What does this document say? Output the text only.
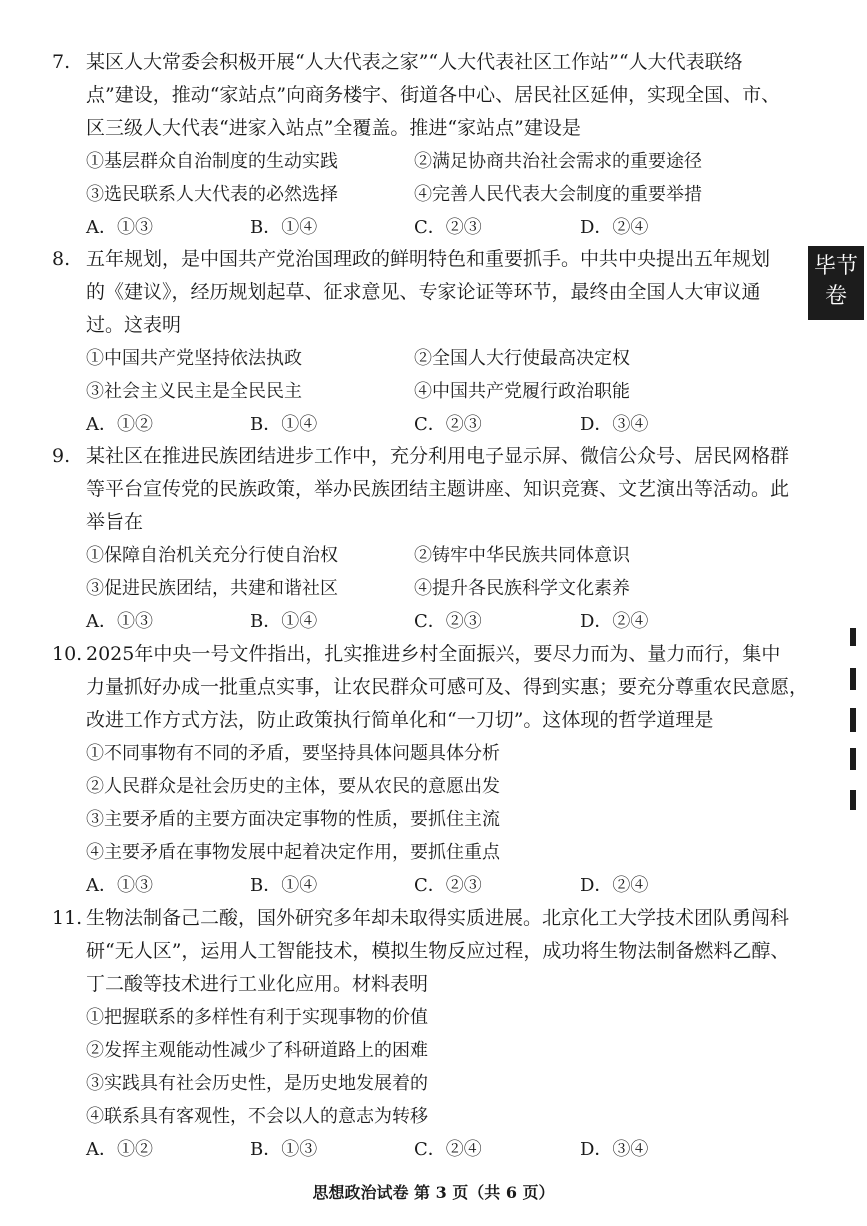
7. 某区人大常委会积极开展“人大代表之家”“人大代表社区工作站”“人大代表联络
点”建设，推动“家站点”向商务楼宇、街道各中心、居民社区延伸，实现全国、市、
区三级人大代表“进家入站点”全覆盖。推进“家站点”建设是
①基层群众自治制度的生动实践	②满足协商共治社会需求的重要途径
③选民联系人大代表的必然选择	④完善人民代表大会制度的重要举措
A．①③	B．①④	C．②③	D．②④
8. 五年规划，是中国共产党治国理政的鲜明特色和重要抓手。中共中央提出五年规划
的《建议》，经历规划起草、征求意见、专家论证等环节，最终由全国人大审议通
过。这表明
①中国共产党坚持依法执政	②全国人大行使最高决定权
③社会主义民主是全民民主	④中国共产党履行政治职能
A．①②	B．①④	C．②③	D．③④
9. 某社区在推进民族团结进步工作中，充分利用电子显示屏、微信公众号、居民网格群
等平台宣传党的民族政策，举办民族团结主题讲座、知识竞赛、文艺演出等活动。此
举旨在
①保障自治机关充分行使自治权	②铸牢中华民族共同体意识
③促进民族团结，共建和谐社区	④提升各民族科学文化素养
A．①③	B．①④	C．②③	D．②④
10. 2025年中央一号文件指出，扎实推进乡村全面振兴，要尽力而为、量力而行，集中
力量抓好办成一批重点实事，让农民群众可感可及、得到实惠；要充分尊重农民意愿，
改进工作方式方法，防止政策执行简单化和“一刀切”。这体现的哲学道理是
①不同事物有不同的矛盾，要坚持具体问题具体分析
②人民群众是社会历史的主体，要从农民的意愿出发
③主要矛盾的主要方面决定事物的性质，要抓住主流
④主要矛盾在事物发展中起着决定作用，要抓住重点
A．①③	B．①④	C．②③	D．②④
11. 生物法制备己二酸，国外研究多年却未取得实质进展。北京化工大学技术团队勇闯科
研“无人区”，运用人工智能技术，模拟生物反应过程，成功将生物法制备燃料乙醇、
丁二酸等技术进行工业化应用。材料表明
①把握联系的多样性有利于实现事物的价值
②发挥主观能动性减少了科研道路上的困难
③实践具有社会历史性，是历史地发展着的
④联系具有客观性，不会以人的意志为转移
A．①②	B．①③	C．②④	D．③④
毕节
卷
思想政治试卷 第 3 页（共 6 页）
